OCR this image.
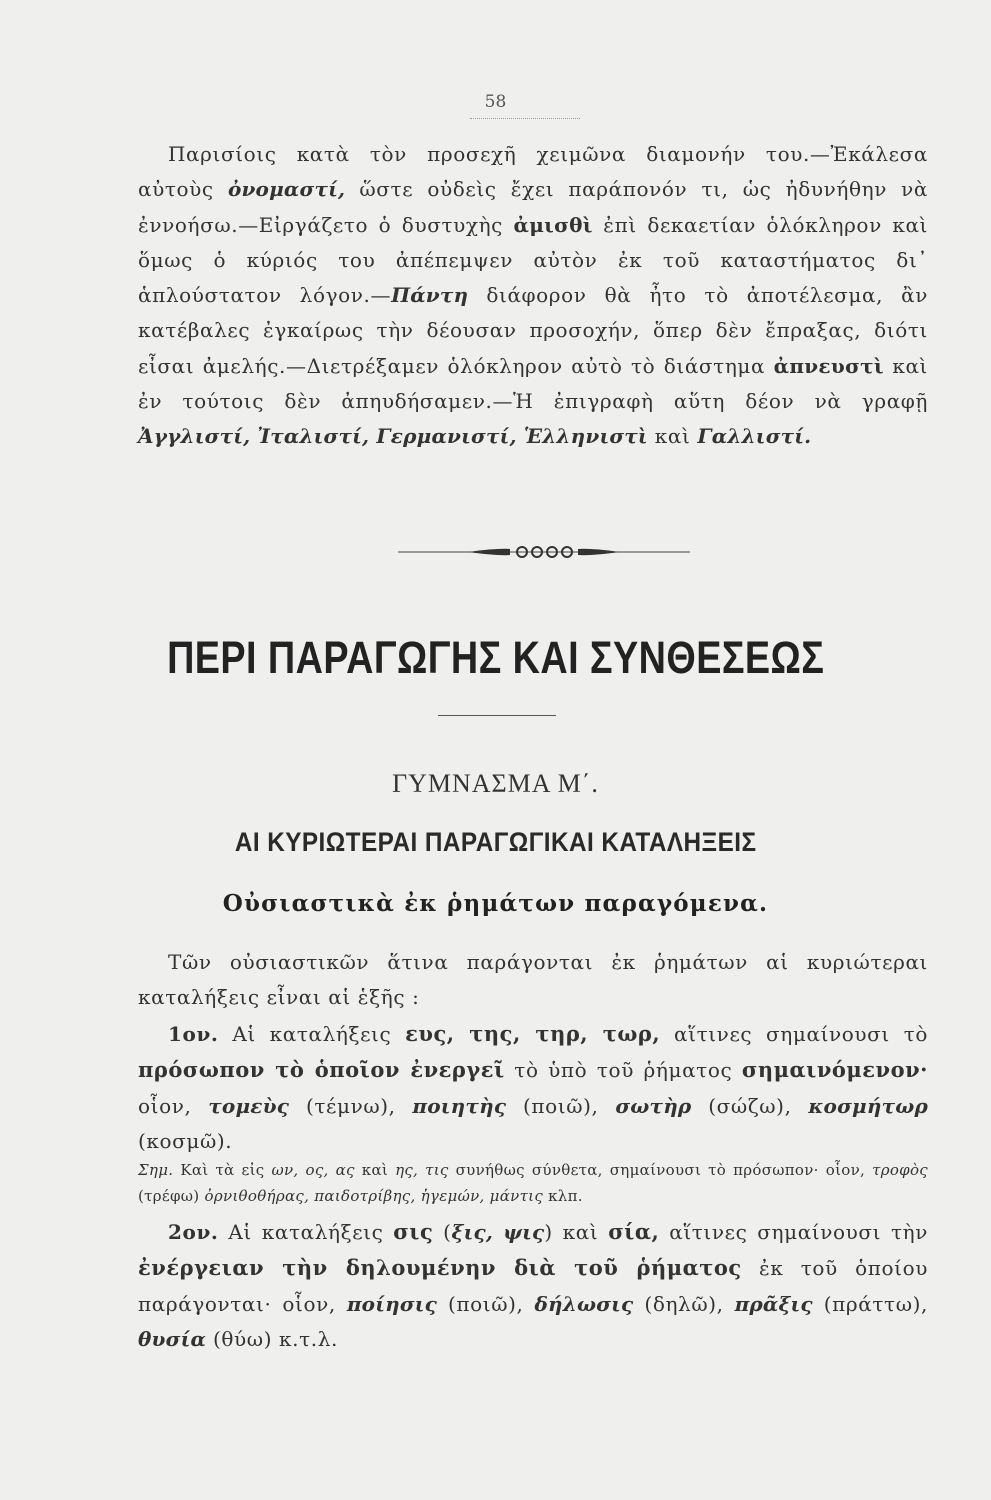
58
Παρισίοις κατὰ τὸν προσεχῆ χειμῶνα διαμονήν του.—Ἐκάλεσα αὐτοὺς ὀνομαστί, ὥστε οὐδεὶς ἔχει παράπονόν τι, ὡς ἠδυνήθην νὰ ἐννοήσω.—Εἰργάζετο ὁ δυστυχὴς ἀμισθὶ ἐπὶ δεκαετίαν ὁλόκληρον καὶ ὅμως ὁ κύριός του ἀπέπεμψεν αὐτὸν ἐκ τοῦ καταστήματος δι᾿ ἁπλούστατον λόγον.—Πάντη διάφορον θὰ ἦτο τὸ ἀποτέλεσμα, ἂν κατέβαλες ἐγκαίρως τὴν δέουσαν προσοχήν, ὅπερ δὲν ἔπραξας, διότι εἶσαι ἀμελής.—Διετρέξαμεν ὁλόκληρον αὐτὸ τὸ διάστημα ἀπνευστὶ καὶ ἐν τούτοις δὲν ἀπηυδήσαμεν.—Ἡ ἐπιγραφὴ αὕτη δέον νὰ γραφῇ Ἀγγλιστί, Ἰταλιστί, Γερμανιστί, Ἑλληνιστὶ καὶ Γαλλιστί.
ΠΕΡΙ ΠΑΡΑΓΩΓΗΣ ΚΑΙ ΣΥΝΘΕΣΕΩΣ
ΓΥΜΝΑΣΜΑ Μ΄.
ΑΙ ΚΥΡΙΩΤΕΡΑΙ ΠΑΡΑΓΩΓΙΚΑΙ ΚΑΤΑΛΗΞΕΙΣ
Οὐσιαστικὰ ἐκ ῥημάτων παραγόμενα.
Τῶν οὐσιαστικῶν ἅτινα παράγονται ἐκ ῥημάτων αἱ κυριώτεραι καταλήξεις εἶναι αἱ ἑξῆς :
1ον. Αἱ καταλήξεις ευς, της, τηρ, τωρ, αἵτινες σημαίνουσι τὸ πρόσωπον τὸ ὁποῖον ἐνεργεῖ τὸ ὑπὸ τοῦ ῥήματος σημαινόμενον· οἷον, τομεὺς (τέμνω), ποιητὴς (ποιῶ), σωτὴρ (σώζω), κοσμήτωρ (κοσμῶ).
Σημ. Καὶ τὰ εἰς ων, ος, ας καὶ ης, τις συνήθως σύνθετα, σημαίνουσι τὸ πρόσωπον· οἷον, τροφὸς (τρέφω) ὀρνιθοθήρας, παιδοτρίβης, ἡγεμών, μάντις κλπ.
2ον. Αἱ καταλήξεις σις (ξις, ψις) καὶ σία, αἵτινες σημαίνουσι τὴν ἐνέργειαν τὴν δηλουμένην διὰ τοῦ ῥήματος ἐκ τοῦ ὁποίου παράγονται· οἷον, ποίησις (ποιῶ), δήλωσις (δηλῶ), πρᾶξις (πράττω), θυσία (θύω) κ.τ.λ.
